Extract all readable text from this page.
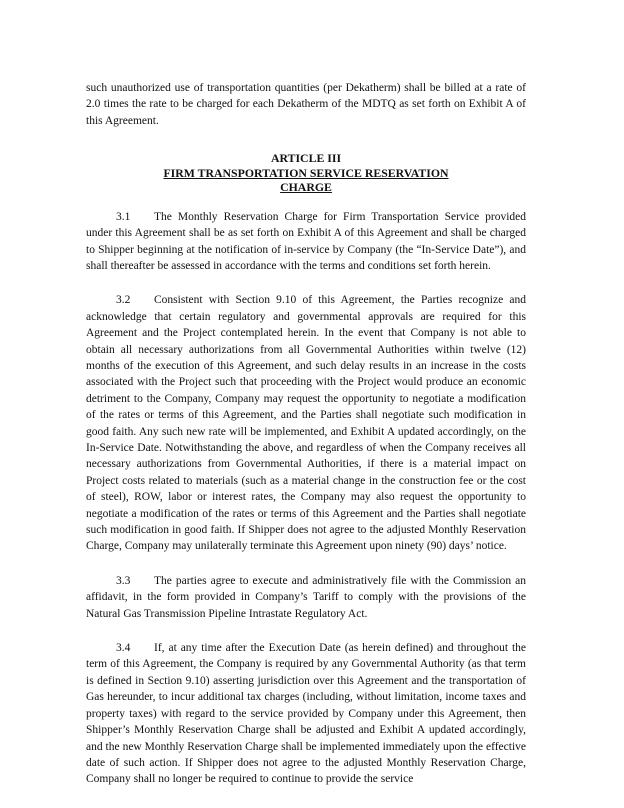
such unauthorized use of transportation quantities (per Dekatherm) shall be billed at a rate of 2.0 times the rate to be charged for each Dekatherm of the MDTQ as set forth on Exhibit A of this Agreement.

ARTICLE III
FIRM TRANSPORTATION SERVICE RESERVATION
CHARGE

3.1 The Monthly Reservation Charge for Firm Transportation Service provided under this Agreement shall be as set forth on Exhibit A of this Agreement and shall be charged to Shipper beginning at the notification of in-service by Company (the “In-Service Date”), and shall thereafter be assessed in accordance with the terms and conditions set forth herein.

3.2 Consistent with Section 9.10 of this Agreement, the Parties recognize and acknowledge that certain regulatory and governmental approvals are required for this Agreement and the Project contemplated herein. In the event that Company is not able to obtain all necessary authorizations from all Governmental Authorities within twelve (12) months of the execution of this Agreement, and such delay results in an increase in the costs associated with the Project such that proceeding with the Project would produce an economic detriment to the Company, Company may request the opportunity to negotiate a modification of the rates or terms of this Agreement, and the Parties shall negotiate such modification in good faith. Any such new rate will be implemented, and Exhibit A updated accordingly, on the In-Service Date. Notwithstanding the above, and regardless of when the Company receives all necessary authorizations from Governmental Authorities, if there is a material impact on Project costs related to materials (such as a material change in the construction fee or the cost of steel), ROW, labor or interest rates, the Company may also request the opportunity to negotiate a modification of the rates or terms of this Agreement and the Parties shall negotiate such modification in good faith. If Shipper does not agree to the adjusted Monthly Reservation Charge, Company may unilaterally terminate this Agreement upon ninety (90) days’ notice.

3.3 The parties agree to execute and administratively file with the Commission an affidavit, in the form provided in Company’s Tariff to comply with the provisions of the Natural Gas Transmission Pipeline Intrastate Regulatory Act.

3.4 If, at any time after the Execution Date (as herein defined) and throughout the term of this Agreement, the Company is required by any Governmental Authority (as that term is defined in Section 9.10) asserting jurisdiction over this Agreement and the transportation of Gas hereunder, to incur additional tax charges (including, without limitation, income taxes and property taxes) with regard to the service provided by Company under this Agreement, then Shipper’s Monthly Reservation Charge shall be adjusted and Exhibit A updated accordingly, and the new Monthly Reservation Charge shall be implemented immediately upon the effective date of such action. If Shipper does not agree to the adjusted Monthly Reservation Charge, Company shall no longer be required to continue to provide the service
